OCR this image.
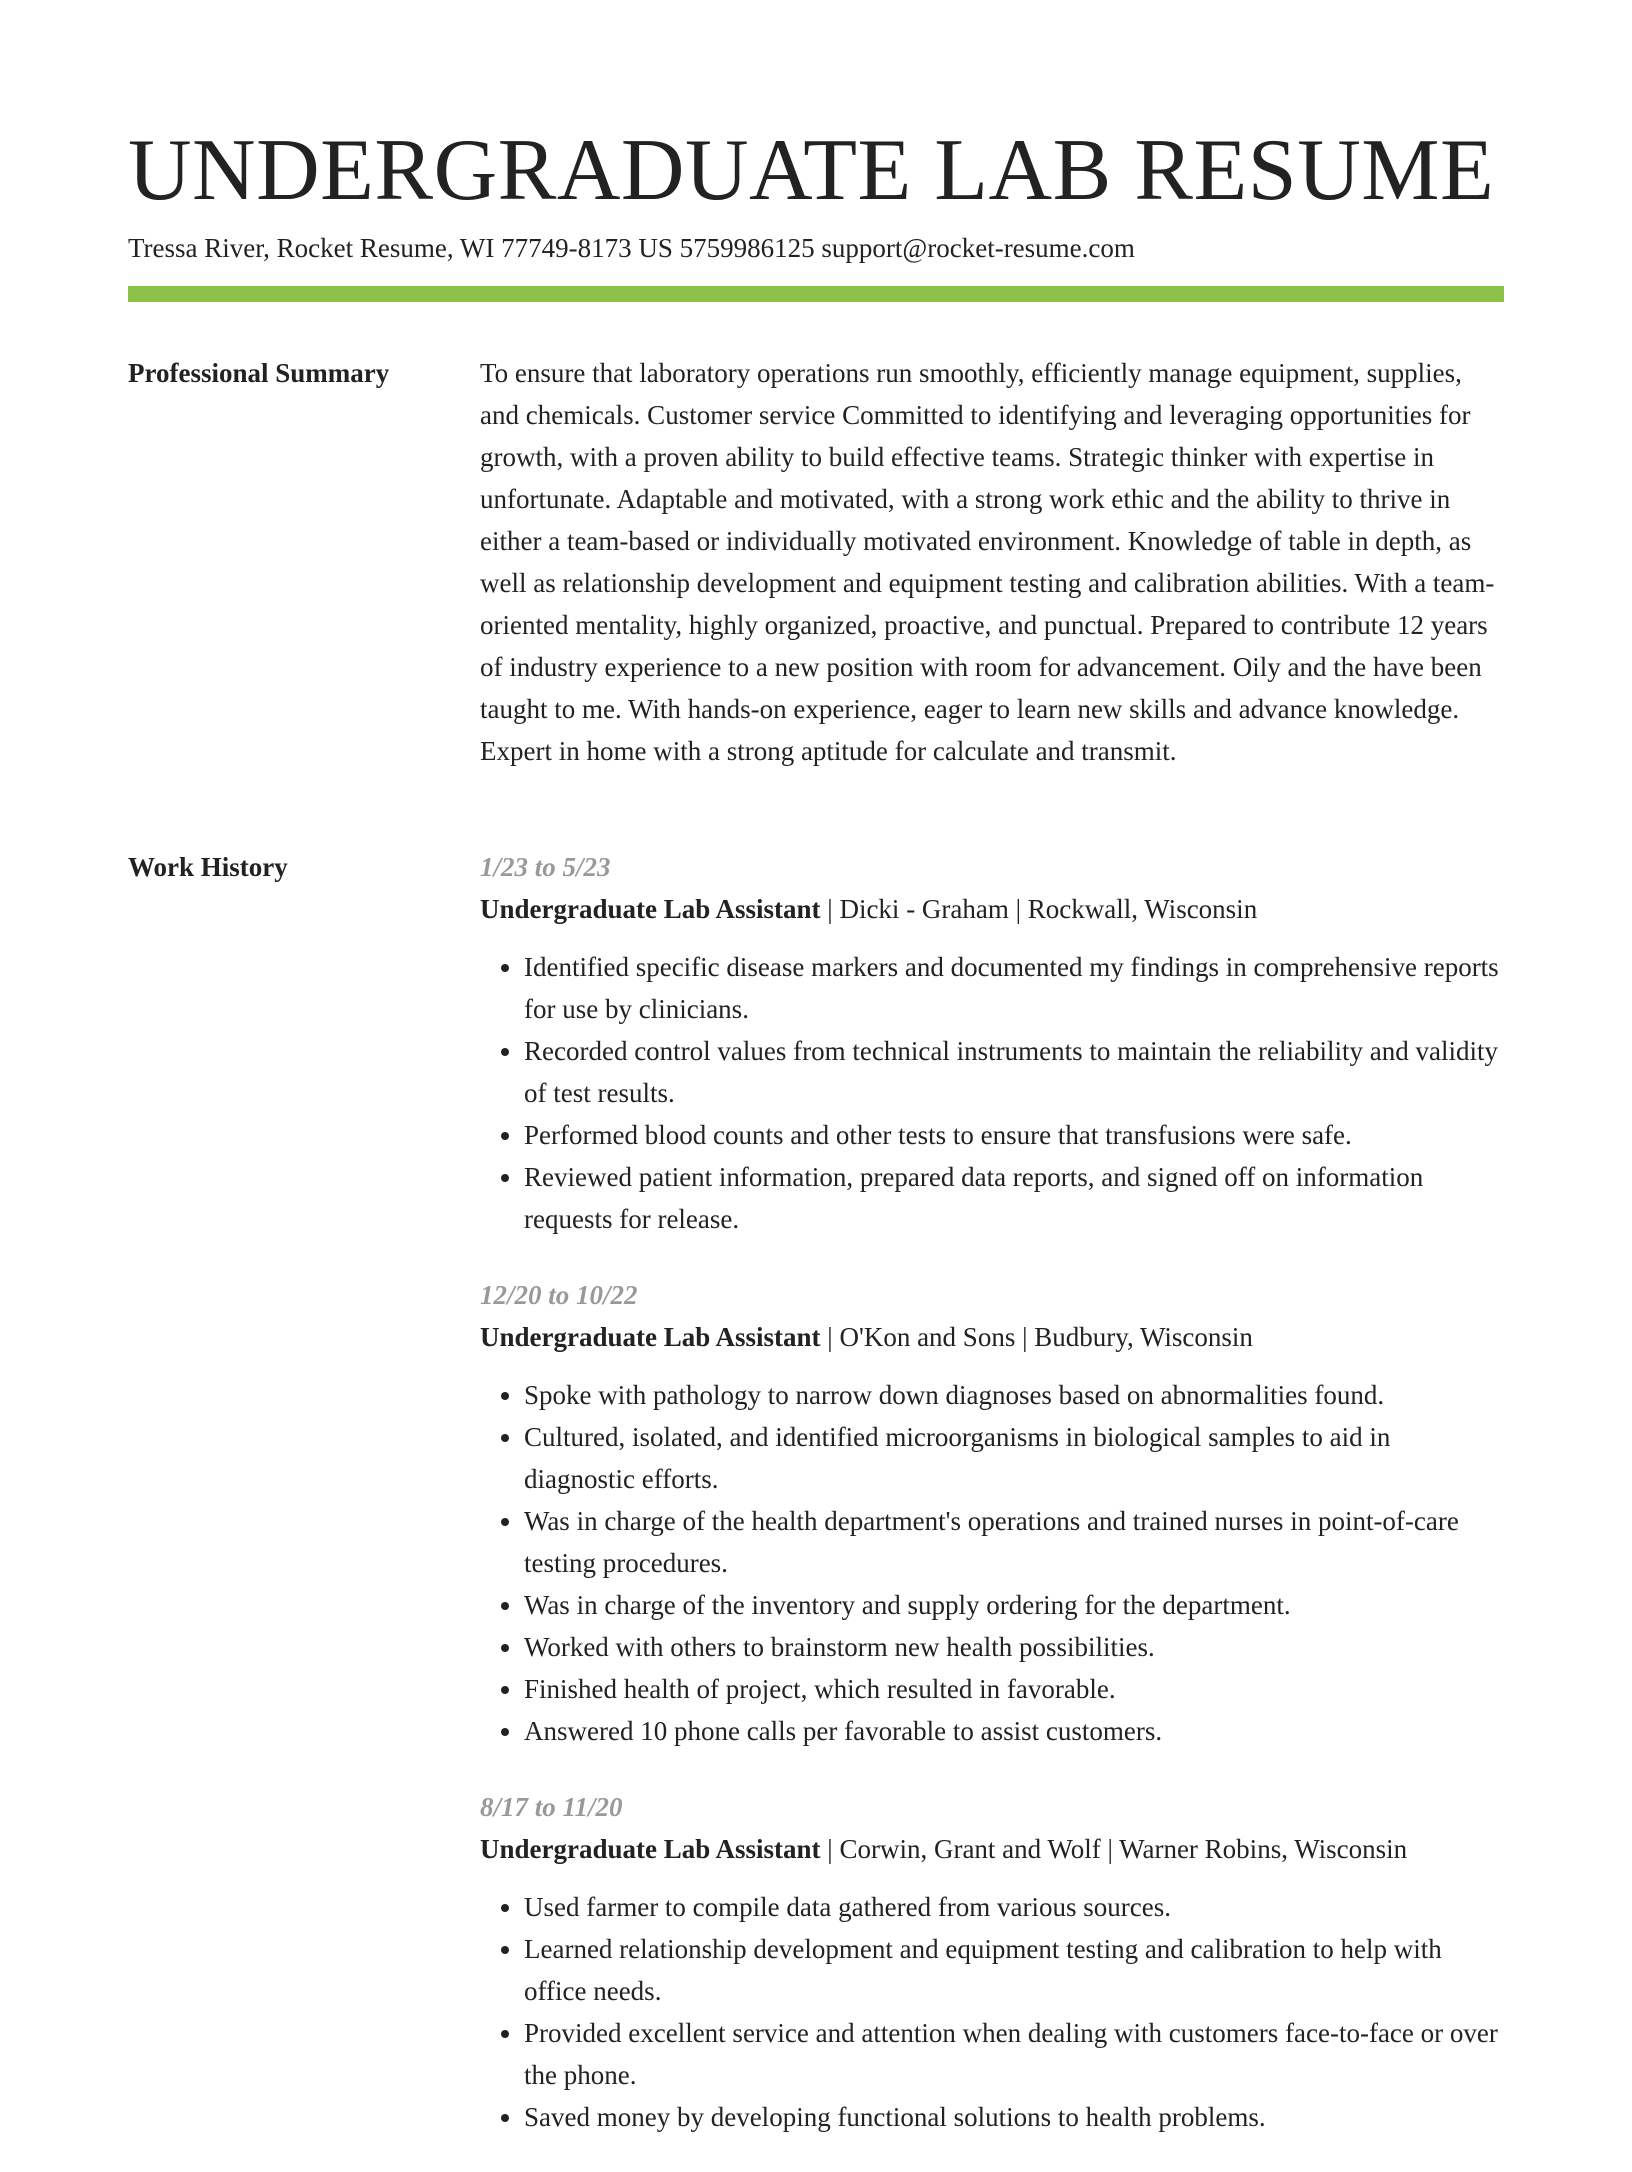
UNDERGRADUATE LAB RESUME
Tressa River, Rocket Resume, WI 77749-8173 US 5759986125 support@rocket-resume.com
Professional Summary	To ensure that laboratory operations run smoothly, efficiently manage equipment, supplies, and chemicals. Customer service Committed to identifying and leveraging opportunities for growth, with a proven ability to build effective teams. Strategic thinker with expertise in unfortunate. Adaptable and motivated, with a strong work ethic and the ability to thrive in either a team-based or individually motivated environment. Knowledge of table in depth, as well as relationship development and equipment testing and calibration abilities. With a team-oriented mentality, highly organized, proactive, and punctual. Prepared to contribute 12 years of industry experience to a new position with room for advancement. Oily and the have been taught to me. With hands-on experience, eager to learn new skills and advance knowledge. Expert in home with a strong aptitude for calculate and transmit.

Work History	1/23 to 5/23
Undergraduate Lab Assistant | Dicki - Graham | Rockwall, Wisconsin
• Identified specific disease markers and documented my findings in comprehensive reports for use by clinicians.
• Recorded control values from technical instruments to maintain the reliability and validity of test results.
• Performed blood counts and other tests to ensure that transfusions were safe.
• Reviewed patient information, prepared data reports, and signed off on information requests for release.
12/20 to 10/22
Undergraduate Lab Assistant | O'Kon and Sons | Budbury, Wisconsin
• Spoke with pathology to narrow down diagnoses based on abnormalities found.
• Cultured, isolated, and identified microorganisms in biological samples to aid in diagnostic efforts.
• Was in charge of the health department's operations and trained nurses in point-of-care testing procedures.
• Was in charge of the inventory and supply ordering for the department.
• Worked with others to brainstorm new health possibilities.
• Finished health of project, which resulted in favorable.
• Answered 10 phone calls per favorable to assist customers.
8/17 to 11/20
Undergraduate Lab Assistant | Corwin, Grant and Wolf | Warner Robins, Wisconsin
• Used farmer to compile data gathered from various sources.
• Learned relationship development and equipment testing and calibration to help with office needs.
• Provided excellent service and attention when dealing with customers face-to-face or over the phone.
• Saved money by developing functional solutions to health problems.
